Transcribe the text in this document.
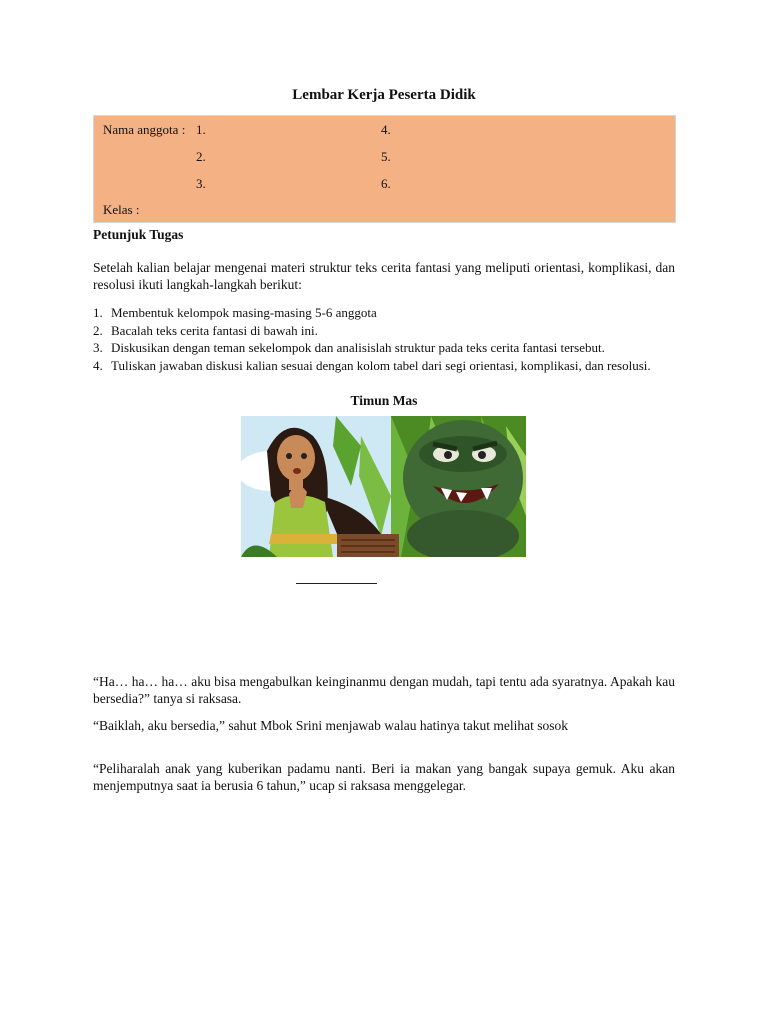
Lembar Kerja Peserta Didik
Nama anggota : 1.
2.
3.
4.
5.
6.
Kelas :
Petunjuk Tugas
Setelah kalian belajar mengenai materi struktur teks cerita fantasi yang meliputi orientasi, komplikasi, dan resolusi ikuti langkah-langkah berikut:
1. Membentuk kelompok masing-masing 5-6 anggota
2. Bacalah teks cerita fantasi di bawah ini.
3. Diskusikan dengan teman sekelompok dan analisislah struktur pada teks cerita fantasi tersebut.
4. Tuliskan jawaban diskusi kalian sesuai dengan kolom tabel dari segi orientasi, komplikasi, dan resolusi.
Timun Mas
“Ha… ha… ha… aku bisa mengabulkan keinginanmu dengan mudah, tapi tentu ada syaratnya. Apakah kau bersedia?” tanya si raksasa.
“Baiklah, aku bersedia,” sahut Mbok Srini menjawab walau hatinya takut melihat sosok
“Peliharalah anak yang kuberikan padamu nanti. Beri ia makan yang bangak supaya gemuk. Aku akan menjemputnya saat ia berusia 6 tahun,” ucap si raksasa menggelegar.
